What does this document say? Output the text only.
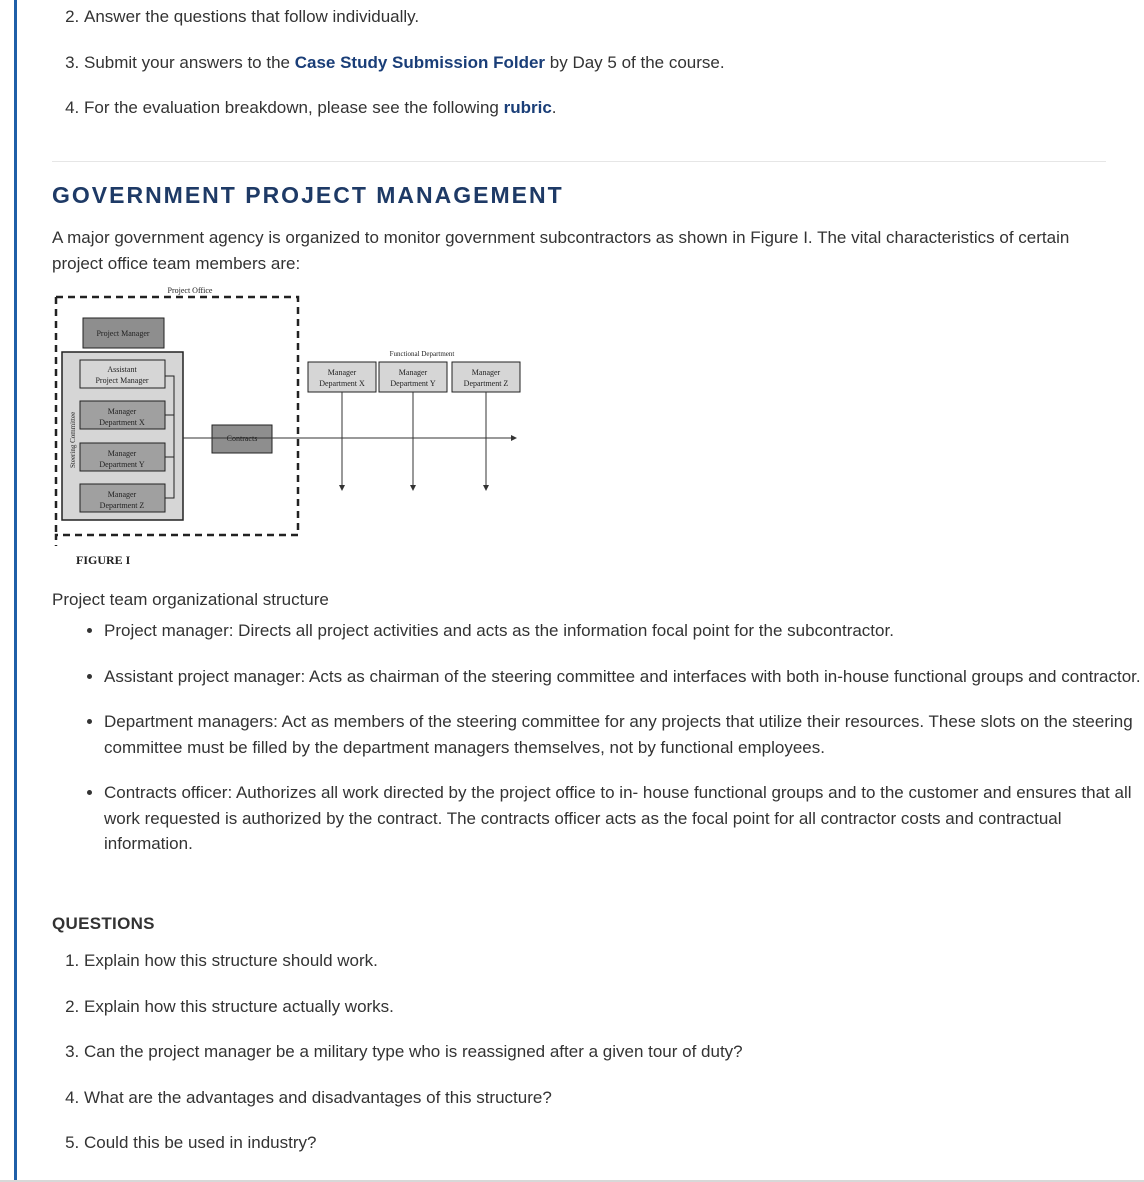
2. Answer the questions that follow individually.
3. Submit your answers to the Case Study Submission Folder by Day 5 of the course.
4. For the evaluation breakdown, please see the following rubric.
GOVERNMENT PROJECT MANAGEMENT

A major government agency is organized to monitor government subcontractors as shown in Figure I. The vital characteristics of certain project office team members are:

Project Office
Project Manager
Steering Committee
Assistant
Project Manager
Manager
Department X
Manager
Department Y
Manager
Department Z
Contracts
Functional Department
Manager
Department X
Manager
Department Y
Manager
Department Z
FIGURE I

Project team organizational structure

• Project manager: Directs all project activities and acts as the information focal point for the subcontractor.
• Assistant project manager: Acts as chairman of the steering committee and interfaces with both in-house functional groups and contractor.
• Department managers: Act as members of the steering committee for any projects that utilize their resources. These slots on the steering committee must be filled by the department managers themselves, not by functional employees.
• Contracts officer: Authorizes all work directed by the project office to in- house functional groups and to the customer and ensures that all work requested is authorized by the contract. The contracts officer acts as the focal point for all contractor costs and contractual information.
QUESTIONS
1. Explain how this structure should work.
2. Explain how this structure actually works.
3. Can the project manager be a military type who is reassigned after a given tour of duty?
4. What are the advantages and disadvantages of this structure?
5. Could this be used in industry?
